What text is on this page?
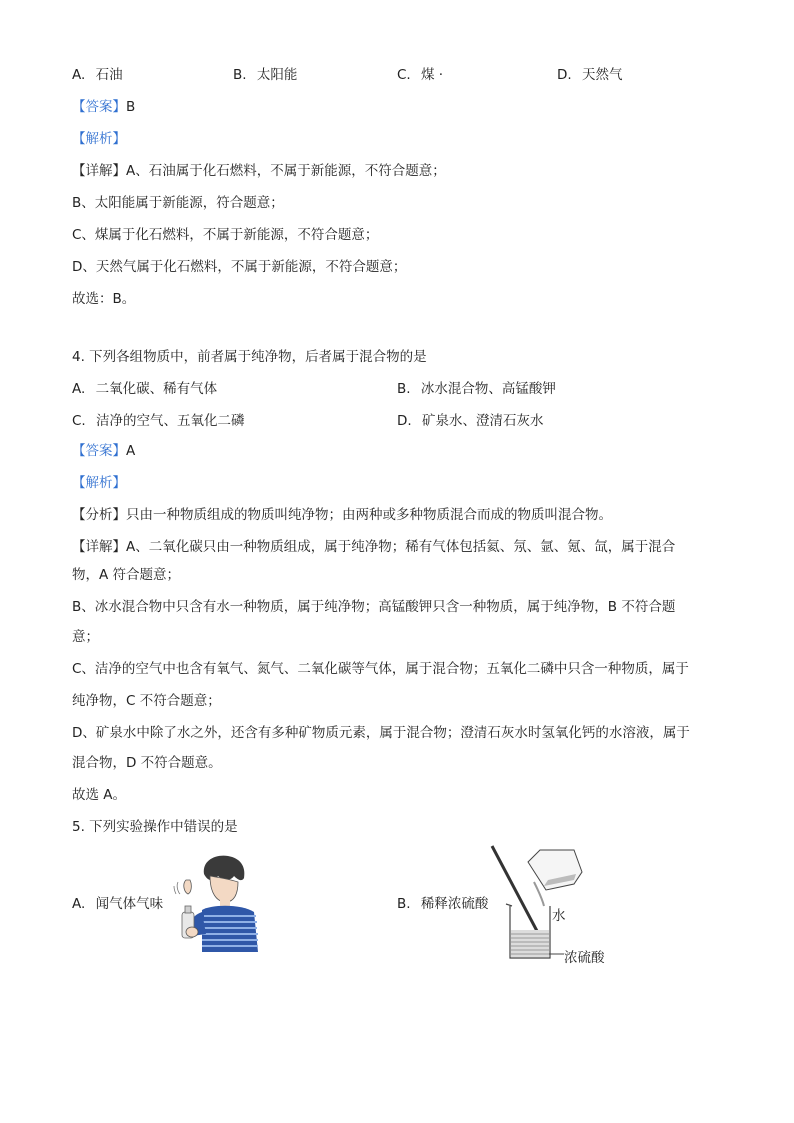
A. 石油	B. 太阳能	C. 煤 ·	D. 天然气
【答案】B
【解析】
【详解】A、石油属于化石燃料，不属于新能源，不符合题意；
B、太阳能属于新能源，符合题意；
C、煤属于化石燃料，不属于新能源，不符合题意；
D、天然气属于化石燃料，不属于新能源，不符合题意；
故选：B。
4. 下列各组物质中，前者属于纯净物，后者属于混合物的是
A. 二氧化碳、稀有气体	B. 冰水混合物、高锰酸钾
C. 洁净的空气、五氧化二磷	D. 矿泉水、澄清石灰水
【答案】A
【解析】
【分析】只由一种物质组成的物质叫纯净物；由两种或多种物质混合而成的物质叫混合物。
【详解】A、二氧化碳只由一种物质组成，属于纯净物；稀有气体包括氦、氖、氩、氪、氙，属于混合
物，A 符合题意；
B、冰水混合物中只含有水一种物质，属于纯净物；高锰酸钾只含一种物质，属于纯净物，B 不符合题
意；
C、洁净的空气中也含有氧气、氮气、二氧化碳等气体，属于混合物；五氧化二磷中只含一种物质，属于
纯净物，C 不符合题意；
D、矿泉水中除了水之外，还含有多种矿物质元素，属于混合物；澄清石灰水时氢氧化钙的水溶液，属于
混合物，D 不符合题意。
故选 A。
5. 下列实验操作中错误的是
A. 闻气体气味	B. 稀释浓硫酸
水
浓硫酸
